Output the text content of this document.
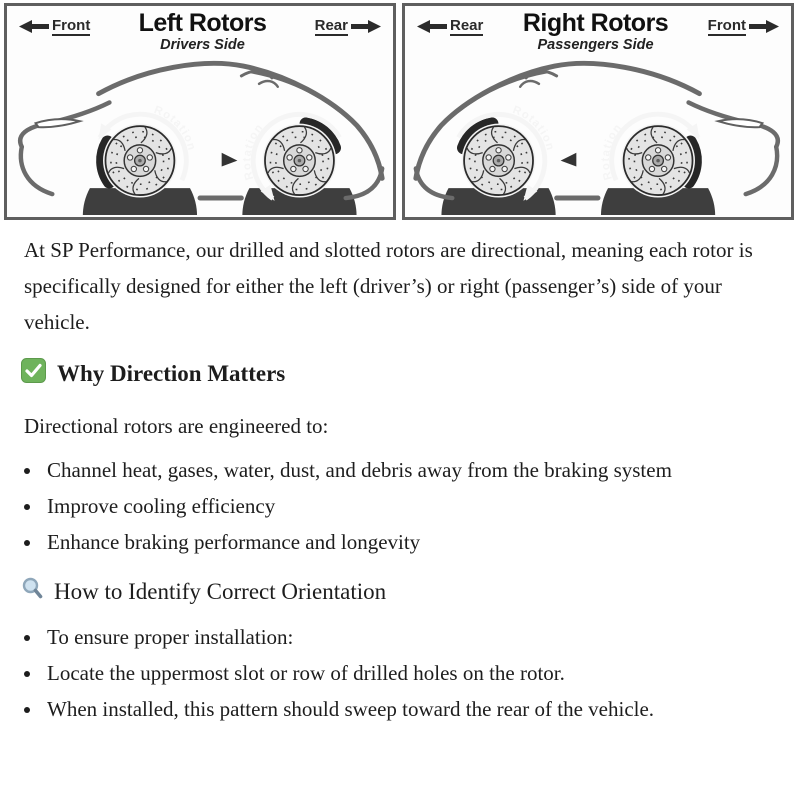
Front Left Rotors
Drivers Side
Rear
Rotation
Rotation
Rear Right Rotors
Passengers Side
Front
Rotation
Rotation

At SP Performance, our drilled and slotted rotors are directional, meaning each rotor is specifically designed for either the left (driver’s) or right (passenger’s) side of your vehicle.

Why Direction Matters

Directional rotors are engineered to:

• Channel heat, gases, water, dust, and debris away from the braking system
• Improve cooling efficiency
• Enhance braking performance and longevity
How to Identify Correct Orientation
• To ensure proper installation:
• Locate the uppermost slot or row of drilled holes on the rotor.
• When installed, this pattern should sweep toward the rear of the vehicle.
